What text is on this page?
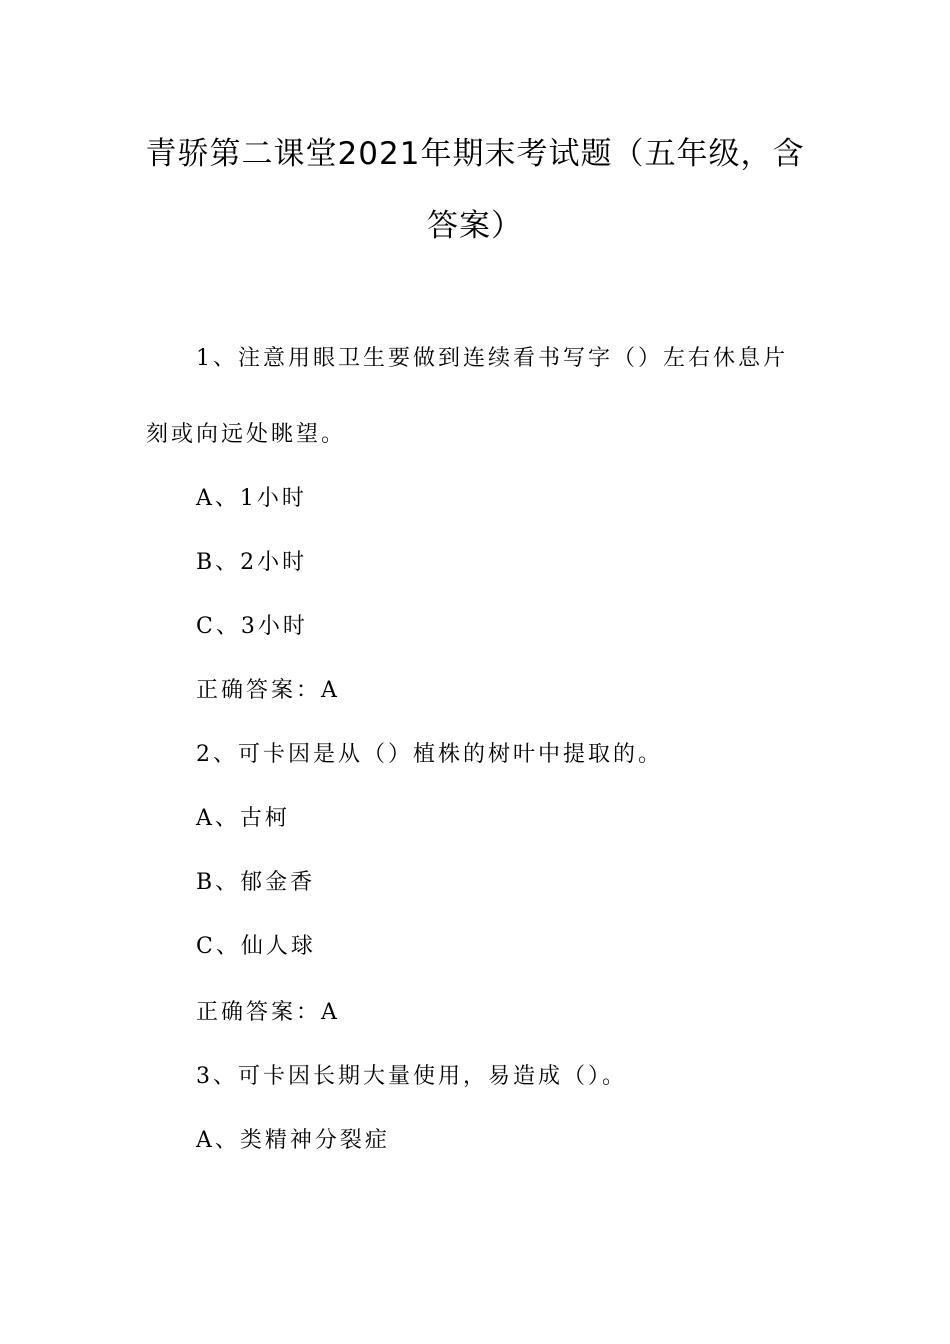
青骄第二课堂2021年期末考试题（五年级，含
答案）
1、注意用眼卫生要做到连续看书写字（）左右休息片
刻或向远处眺望。
A、1小时
B、2小时
C、3小时
正确答案：A
2、可卡因是从（）植株的树叶中提取的。
A、古柯
B、郁金香
C、仙人球
正确答案：A
3、可卡因长期大量使用，易造成（）。
A、类精神分裂症
